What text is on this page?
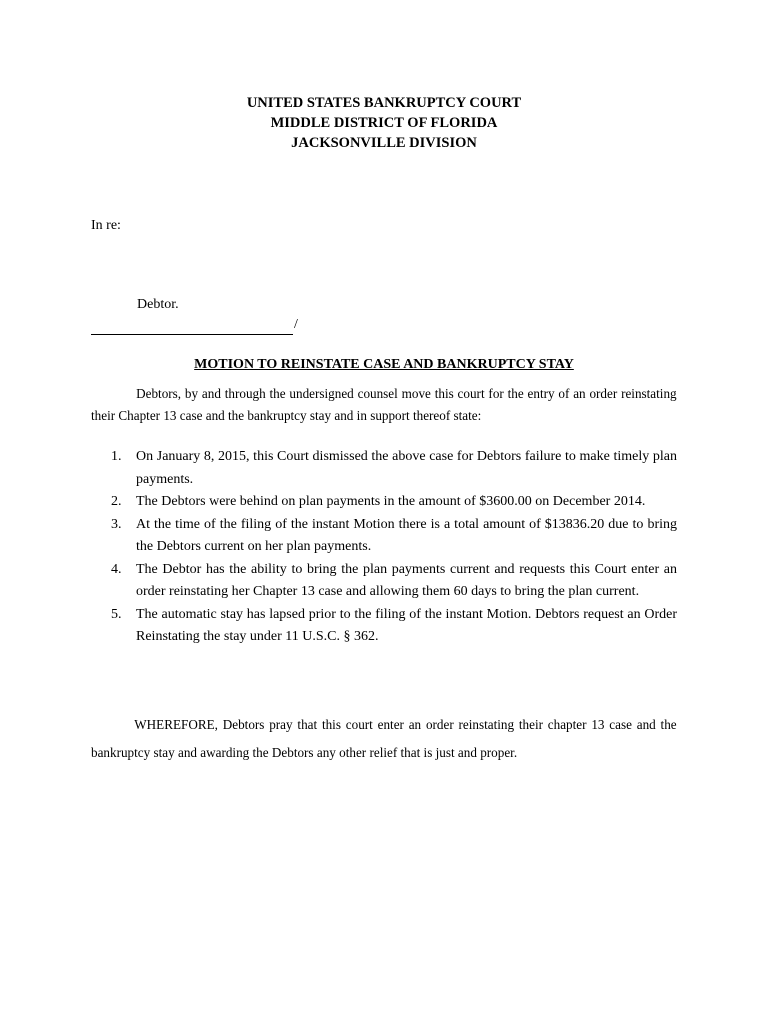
UNITED STATES BANKRUPTCY COURT
MIDDLE DISTRICT OF FLORIDA
JACKSONVILLE DIVISION
In re:
Debtor.
/
MOTION TO REINSTATE CASE AND BANKRUPTCY STAY
Debtors, by and through the undersigned counsel move this court for the entry of an order reinstating their Chapter 13 case and the bankruptcy stay and in support thereof state:
1. On January 8, 2015, this Court dismissed the above case for Debtors failure to make timely plan payments.
2. The Debtors were behind on plan payments in the amount of $3600.00 on December 2014.
3. At the time of the filing of the instant Motion there is a total amount of $13836.20 due to bring the Debtors current on her plan payments.
4. The Debtor has the ability to bring the plan payments current and requests this Court enter an order reinstating her Chapter 13 case and allowing them 60 days to bring the plan current.
5. The automatic stay has lapsed prior to the filing of the instant Motion. Debtors request an Order Reinstating the stay under 11 U.S.C. § 362.
WHEREFORE, Debtors pray that this court enter an order reinstating their chapter 13 case and the bankruptcy stay and awarding the Debtors any other relief that is just and proper.
